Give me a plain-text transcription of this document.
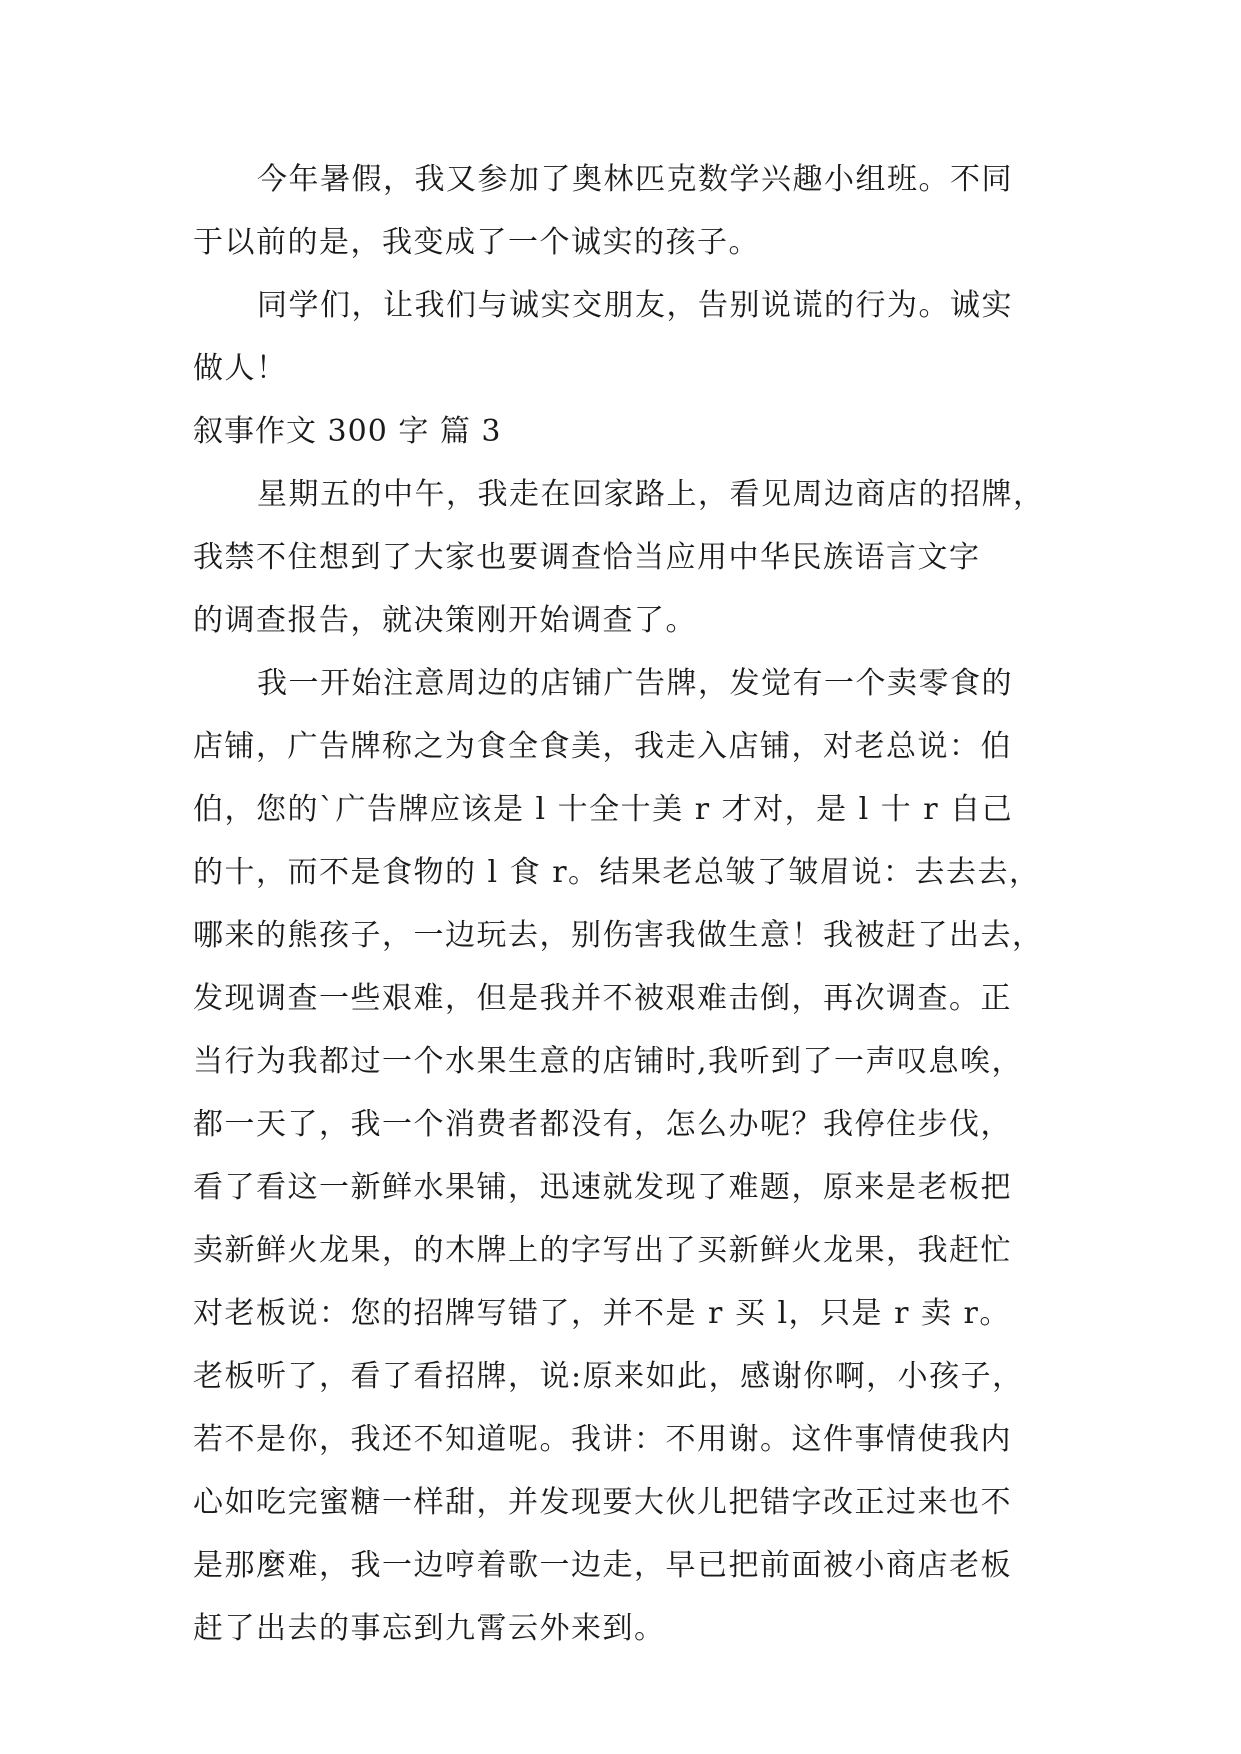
今年暑假，我又参加了奥林匹克数学兴趣小组班。不同
于以前的是，我变成了一个诚实的孩子。
同学们，让我们与诚实交朋友，告别说谎的行为。诚实
做人！
叙事作文 300 字 篇 3
星期五的中午，我走在回家路上，看见周边商店的招牌，
我禁不住想到了大家也要调查恰当应用中华民族语言文字
的调查报告，就决策刚开始调查了。
我一开始注意周边的店铺广告牌，发觉有一个卖零食的
店铺，广告牌称之为食全食美，我走入店铺，对老总说：伯
伯，您的`广告牌应该是 l 十全十美 r 才对，是 l 十 r 自己
的十，而不是食物的 l 食 r。结果老总皱了皱眉说：去去去，
哪来的熊孩子，一边玩去，别伤害我做生意！我被赶了出去，
发现调查一些艰难，但是我并不被艰难击倒，再次调查。正
当行为我都过一个水果生意的店铺时,我听到了一声叹息唉，
都一天了，我一个消费者都没有，怎么办呢？我停住步伐，
看了看这一新鲜水果铺，迅速就发现了难题，原来是老板把
卖新鲜火龙果，的木牌上的字写出了买新鲜火龙果，我赶忙
对老板说：您的招牌写错了，并不是 r 买 l，只是 r 卖 r。
老板听了，看了看招牌，说:原来如此，感谢你啊，小孩子，
若不是你，我还不知道呢。我讲：不用谢。这件事情使我内
心如吃完蜜糖一样甜，并发现要大伙儿把错字改正过来也不
是那麼难，我一边哼着歌一边走，早已把前面被小商店老板
赶了出去的事忘到九霄云外来到。
